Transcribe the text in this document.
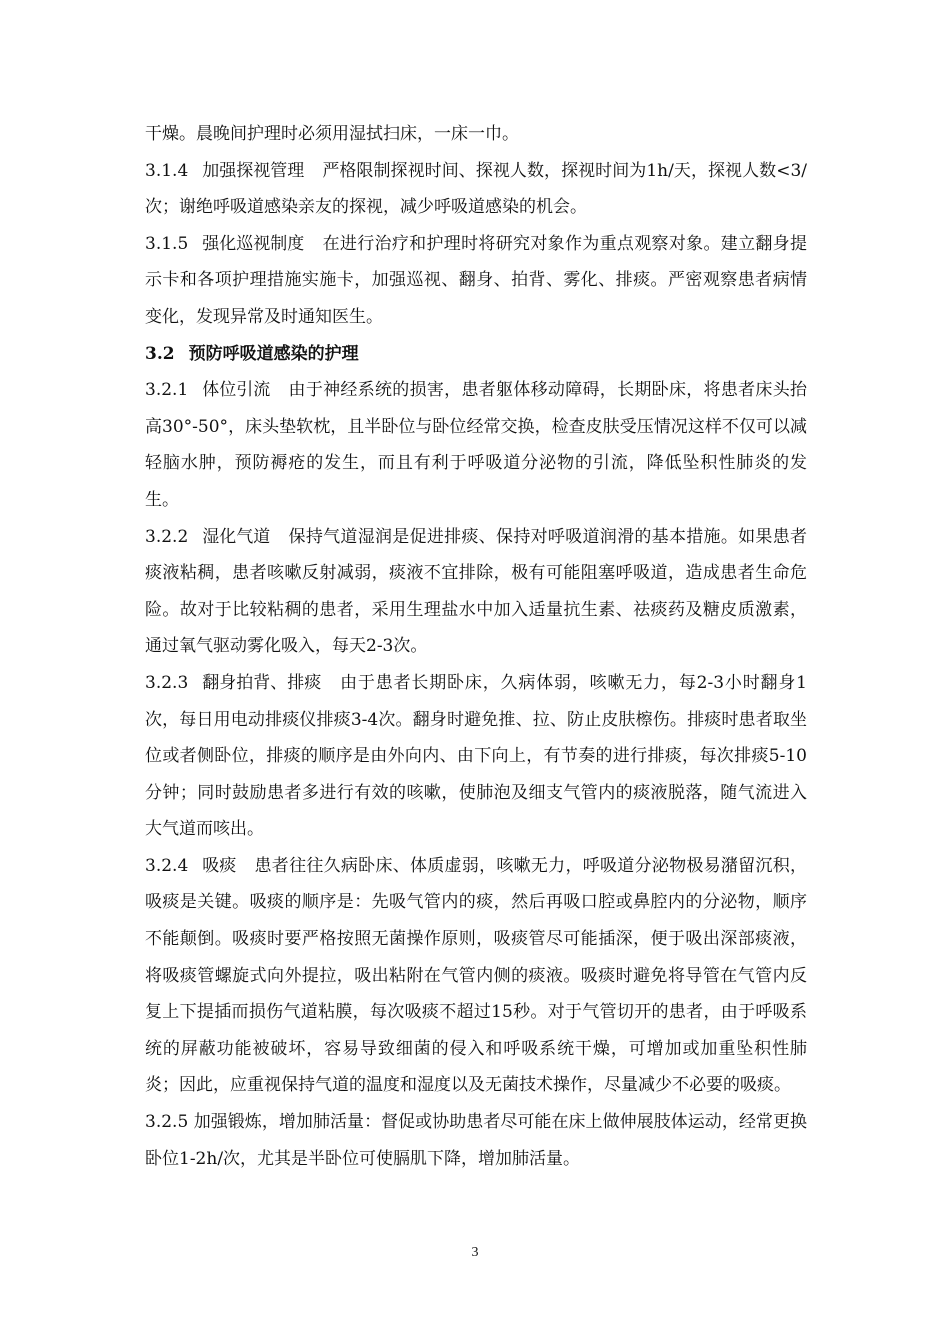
干燥。晨晚间护理时必须用湿拭扫床，一床一巾。

3.1.4 加强探视管理 严格限制探视时间、探视人数，探视时间为1h/天，探视人数<3/次；谢绝呼吸道感染亲友的探视，减少呼吸道感染的机会。

3.1.5 强化巡视制度 在进行治疗和护理时将研究对象作为重点观察对象。建立翻身提示卡和各项护理措施实施卡，加强巡视、翻身、拍背、雾化、排痰。严密观察患者病情变化，发现异常及时通知医生。

3.2 预防呼吸道感染的护理

3.2.1 体位引流 由于神经系统的损害，患者躯体移动障碍，长期卧床，将患者床头抬高30°-50°，床头垫软枕，且半卧位与卧位经常交换，检查皮肤受压情况这样不仅可以减轻脑水肿，预防褥疮的发生，而且有利于呼吸道分泌物的引流，降低坠积性肺炎的发生。

3.2.2 湿化气道 保持气道湿润是促进排痰、保持对呼吸道润滑的基本措施。如果患者痰液粘稠，患者咳嗽反射减弱，痰液不宜排除，极有可能阻塞呼吸道，造成患者生命危险。故对于比较粘稠的患者，采用生理盐水中加入适量抗生素、祛痰药及糖皮质激素，通过氧气驱动雾化吸入，每天2-3次。

3.2.3 翻身拍背、排痰 由于患者长期卧床，久病体弱，咳嗽无力，每2-3小时翻身1次，每日用电动排痰仪排痰3-4次。翻身时避免推、拉、防止皮肤檫伤。排痰时患者取坐位或者侧卧位，排痰的顺序是由外向内、由下向上，有节奏的进行排痰，每次排痰5-10分钟；同时鼓励患者多进行有效的咳嗽，使肺泡及细支气管内的痰液脱落，随气流进入大气道而咳出。

3.2.4 吸痰 患者往往久病卧床、体质虚弱，咳嗽无力，呼吸道分泌物极易潴留沉积，吸痰是关键。吸痰的顺序是：先吸气管内的痰，然后再吸口腔或鼻腔内的分泌物，顺序不能颠倒。吸痰时要严格按照无菌操作原则，吸痰管尽可能插深，便于吸出深部痰液，将吸痰管螺旋式向外提拉，吸出粘附在气管内侧的痰液。吸痰时避免将导管在气管内反复上下提插而损伤气道粘膜，每次吸痰不超过15秒。对于气管切开的患者，由于呼吸系统的屏蔽功能被破坏，容易导致细菌的侵入和呼吸系统干燥，可增加或加重坠积性肺炎；因此，应重视保持气道的温度和湿度以及无菌技术操作，尽量减少不必要的吸痰。

3.2.5 加强锻炼，增加肺活量：督促或协助患者尽可能在床上做伸展肢体运动，经常更换卧位1-2h/次，尤其是半卧位可使膈肌下降，增加肺活量。

3
